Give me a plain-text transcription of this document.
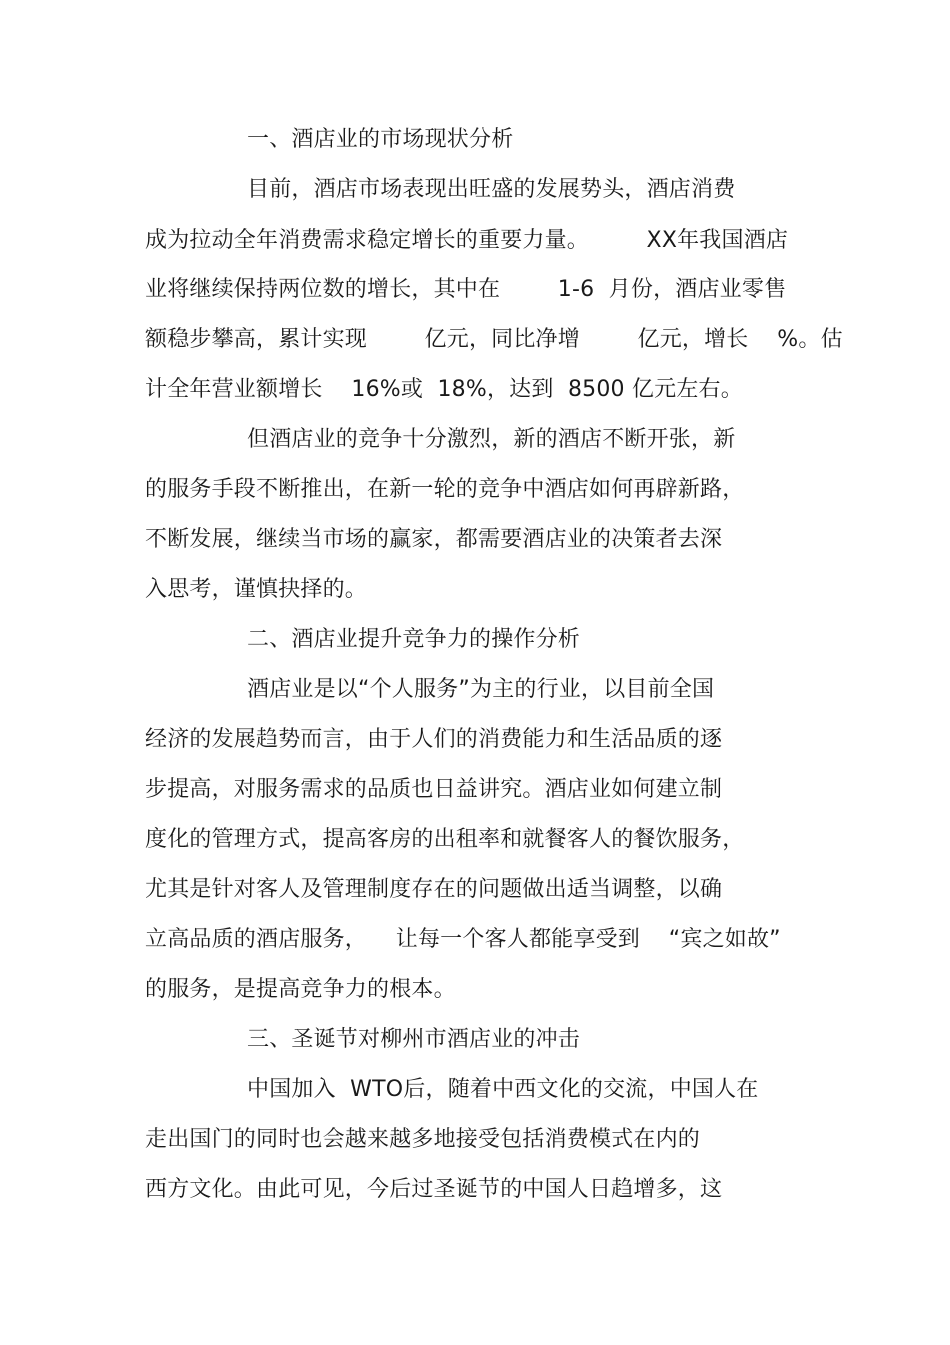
一、酒店业的市场现状分析
目前，酒店市场表现出旺盛的发展势头，酒店消费
成为拉动全年消费需求稳定增长的重要力量。        XX年我国酒店
业将继续保持两位数的增长，其中在        1-6  月份，酒店业零售
额稳步攀高，累计实现        亿元，同比净增        亿元，增长    %。估
计全年营业额增长    16%或  18%，达到  8500 亿元左右。
但酒店业的竞争十分激烈，新的酒店不断开张，新
的服务手段不断推出，在新一轮的竞争中酒店如何再辟新路，
不断发展，继续当市场的赢家，都需要酒店业的决策者去深
入思考，谨慎抉择的。
二、酒店业提升竞争力的操作分析
酒店业是以“个人服务”为主的行业，以目前全国
经济的发展趋势而言，由于人们的消费能力和生活品质的逐
步提高，对服务需求的品质也日益讲究。酒店业如何建立制
度化的管理方式，提高客房的出租率和就餐客人的餐饮服务，
尤其是针对客人及管理制度存在的问题做出适当调整，以确
立高品质的酒店服务，    让每一个客人都能享受到    “宾之如故”
的服务，是提高竞争力的根本。
三、圣诞节对柳州市酒店业的冲击
中国加入  WTO后，随着中西文化的交流，中国人在
走出国门的同时也会越来越多地接受包括消费模式在内的
西方文化。由此可见，今后过圣诞节的中国人日趋增多，这
